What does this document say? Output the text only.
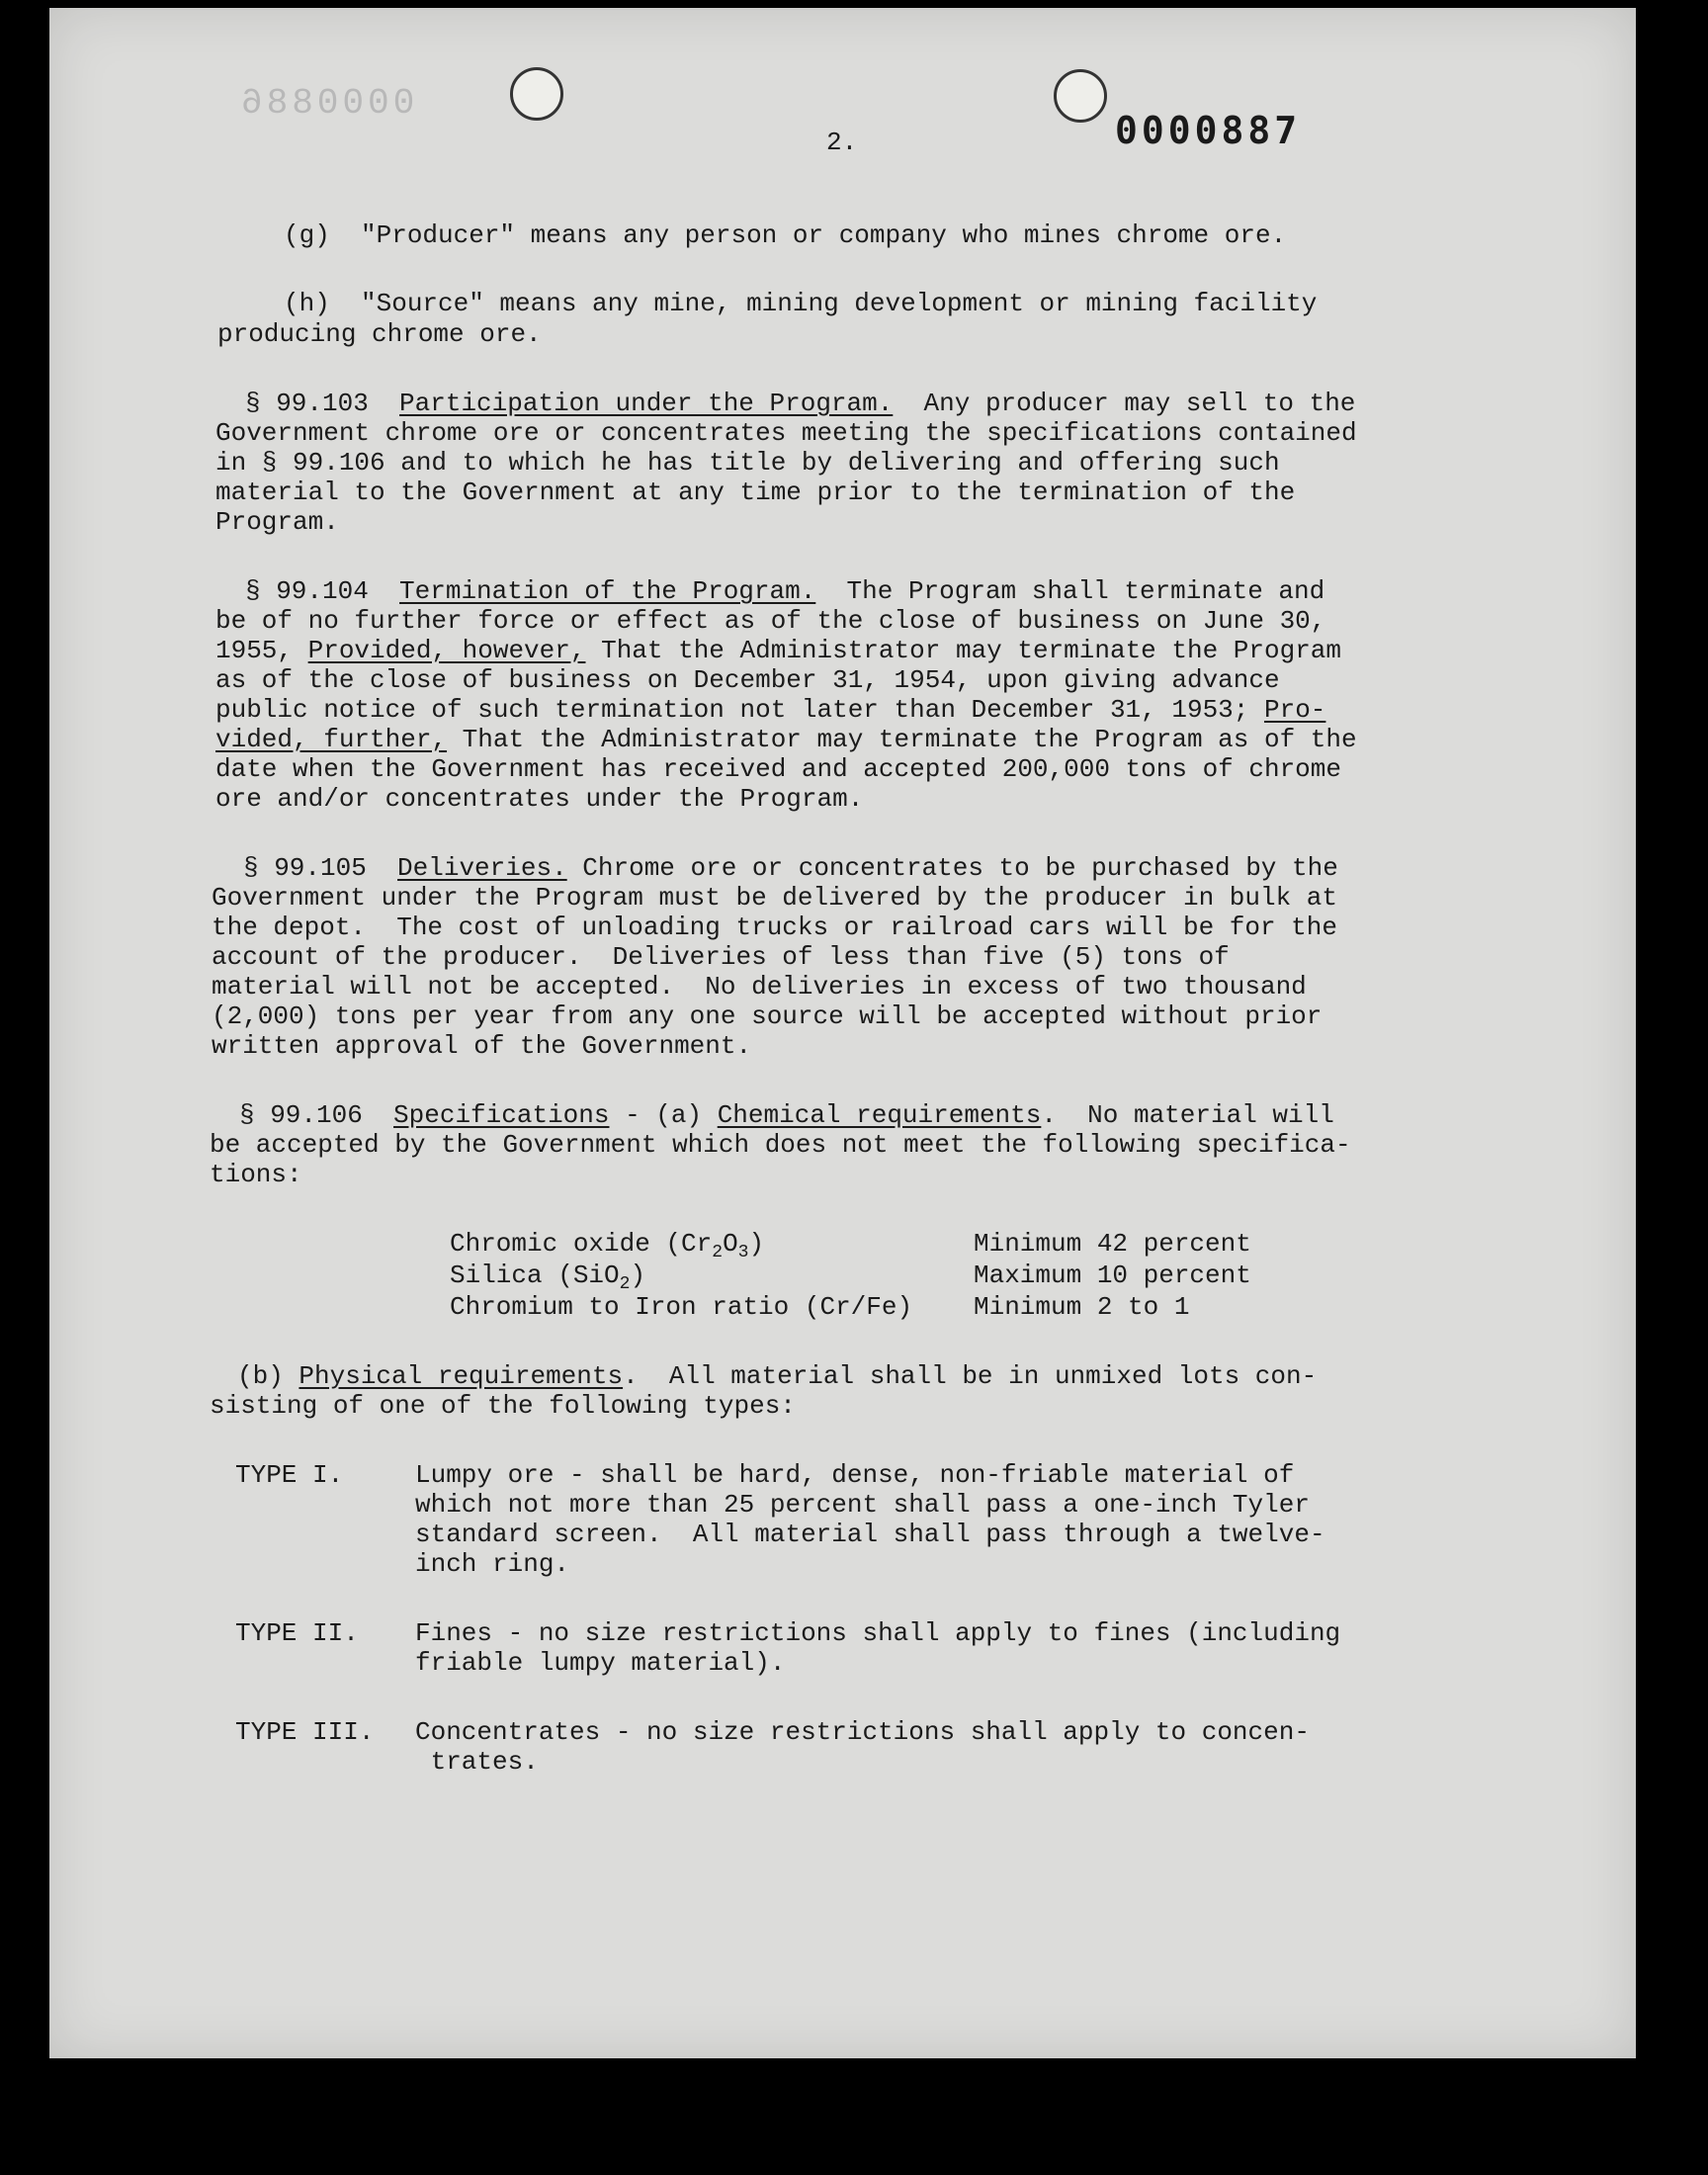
0000886
2.	0000887
(g)  "Producer" means any person or company who mines chrome ore.
(h)  "Source" means any mine, mining development or mining facility
producing chrome ore.
§ 99.103 Participation under the Program.  Any producer may sell to the
Government chrome ore or concentrates meeting the specifications contained
in § 99.106 and to which he has title by delivering and offering such
material to the Government at any time prior to the termination of the
Program.
§ 99.104 Termination of the Program.  The Program shall terminate and
be of no further force or effect as of the close of business on June 30,
1955, Provided, however, That the Administrator may terminate the Program
as of the close of business on December 31, 1954, upon giving advance
public notice of such termination not later than December 31, 1953; Pro-
vided, further, That the Administrator may terminate the Program as of the
date when the Government has received and accepted 200,000 tons of chrome
ore and/or concentrates under the Program.
§ 99.105 Deliveries. Chrome ore or concentrates to be purchased by the
Government under the Program must be delivered by the producer in bulk at
the depot.  The cost of unloading trucks or railroad cars will be for the
account of the producer.  Deliveries of less than five (5) tons of
material will not be accepted.  No deliveries in excess of two thousand
(2,000) tons per year from any one source will be accepted without prior
written approval of the Government.
§ 99.106 Specifications - (a) Chemical requirements.  No material will
be accepted by the Government which does not meet the following specifica-
tions:
Chromic oxide $(Cr_2O_3)$	Minimum 42 percent
Silica (SiO$_2$)	Maximum 10 percent
Chromium to Iron ratio (Cr/Fe) Minimum 2 to 1
(b) Physical requirements.  All material shall be in unmixed lots con-
sisting of one of the following types:
TYPE I.	Lumpy ore - shall be hard, dense, non-friable material of
which not more than 25 percent shall pass a one-inch Tyler
standard screen.  All material shall pass through a twelve-
inch ring.
TYPE II. Fines - no size restrictions shall apply to fines (including
friable lumpy material).
TYPE III. Concentrates - no size restrictions shall apply to concen-
trates.
